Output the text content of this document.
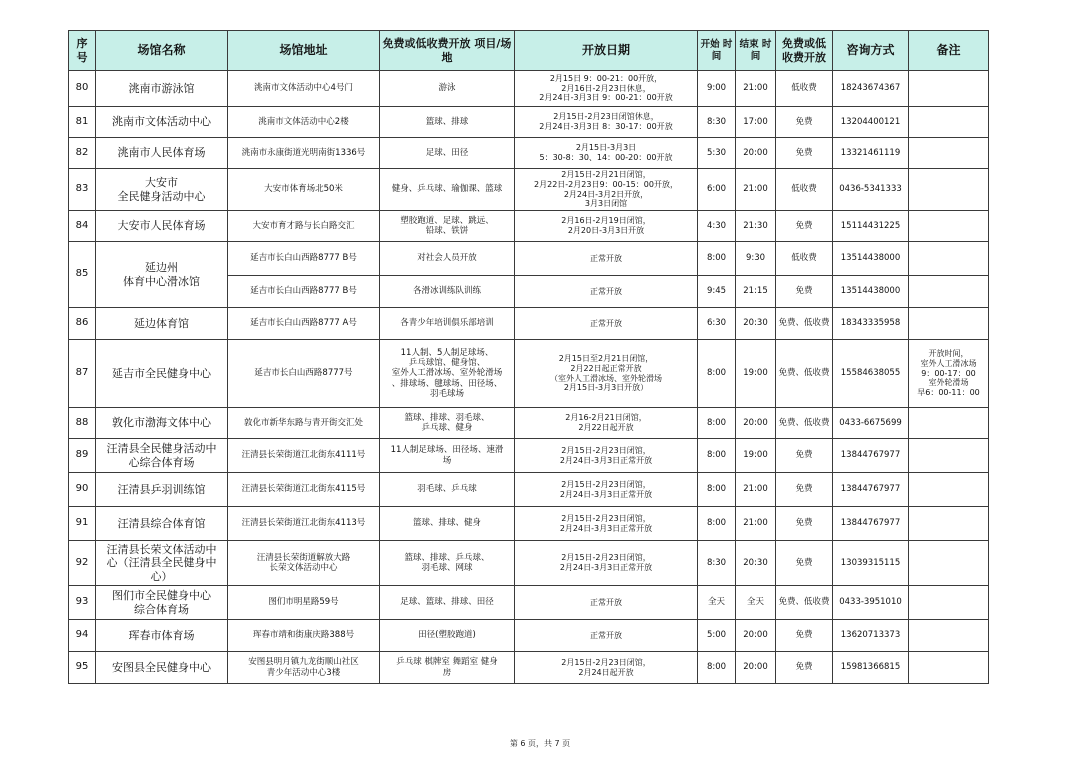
序 号	场馆名称	场馆地址	免费或低收费开放 项目/场地	开放日期	开始 时间	结束 时间	免费或低 收费开放	咨询方式	备注

80	洮南市游泳馆	洮南市文体活动中心4号门	游泳	2月15日 9：00-21：00开放，
2月16日-2月23日休息，
2月24日-3月3日 9：00-21：00开放	9:00	21:00	低收费	18243674367	

81	洮南市文体活动中心	洮南市文体活动中心2楼	篮球、排球	2月15日-2月23日闭馆休息，
2月24日-3月3日 8：30-17：00开放	8:30	17:00	免费	13204400121	

82	洮南市人民体育场	洮南市永康街道光明南街1336号	足球、田径	2月15日-3月3日
5：30-8：30、14：00-20：00开放	5:30	20:00	免费	13321461119	

83	大安市
全民健身活动中心	大安市体育场北50米	健身、乒乓球、瑜伽课、篮球	2月15日-2月21日闭馆，
2月22日-2月23日9：00-15：00开放，
2月24日-3月2日开放，
3月3日闭馆	6:00	21:00	低收费	0436-5341333	

84	大安市人民体育场	大安市育才路与长白路交汇	塑胶跑道、足球、跳远、
铅球、铁饼	2月16日-2月19日闭馆，
2月20日-3月3日开放	4:30	21:30	免费	15114431225	

85	延边州
体育中心滑冰馆	延吉市长白山西路8777 B号	对社会人员开放	正常开放	8:00	9:30	低收费	13514438000	

		延吉市长白山西路8777 B号	各滑冰训练队训练	正常开放	9:45	21:15	免费	13514438000	

86	延边体育馆	延吉市长白山西路8777 A号	各青少年培训俱乐部培训	正常开放	6:30	20:30	免费、低收费	18343335958	

87	延吉市全民健身中心	延吉市长白山西路8777号	11人制、5人制足球场、
乒乓球馆、健身馆、
室外人工滑冰场、室外轮滑场
、排球场、毽球场、田径场、
羽毛球场	2月15日至2月21日闭馆，
2月22日起正常开放
（室外人工滑冰场、室外轮滑场
2月15日-3月3日开放）	8:00	19:00	免费、低收费	15584638055	开放时间，
室外人工滑冰场
9：00-17：00
室外轮滑场
早6：00-11：00

88	敦化市渤海文体中心	敦化市新华东路与青开街交汇处	篮球、排球、羽毛球、
乒乓球、健身	2月16-2月21日闭馆，
2月22日起开放	8:00	20:00	免费、低收费	0433-6675699	

89	汪清县全民健身活动中
心综合体育场	汪清县长荣街道江北街东4111号	11人制足球场、田径场、速滑
场	2月15日-2月23日闭馆，
2月24日-3月3日正常开放	8:00	19:00	免费	13844767977	

90	汪清县乒羽训练馆	汪清县长荣街道江北街东4115号	羽毛球、乒乓球	2月15日-2月23日闭馆，
2月24日-3月3日正常开放	8:00	21:00	免费	13844767977	

91	汪清县综合体育馆	汪清县长荣街道江北街东4113号	篮球、排球、健身	2月15日-2月23日闭馆，
2月24日-3月3日正常开放	8:00	21:00	免费	13844767977	

92	汪清县长荣文体活动中
心（汪清县全民健身中
心）	汪清县长荣街道解放大路
长荣文体活动中心	篮球、排球、乒乓球、
羽毛球、网球	2月15日-2月23日闭馆，
2月24日-3月3日正常开放	8:30	20:30	免费	13039315115	

93	图们市全民健身中心
综合体育场	图们市明星路59号	足球、篮球、排球、田径	正常开放	全天	全天	免费、低收费	0433-3951010	

94	珲春市体育场	珲春市靖和街康庆路388号	田径(塑胶跑道)	正常开放	5:00	20:00	免费	13620713373	

95	安图县全民健身中心	安图县明月镇九龙街顺山社区
青少年活动中心3楼	乒乓球 棋牌室 舞蹈室 健身
房	2月15日-2月23日闭馆，
2月24日起开放	8:00	20:00	免费	15981366815	

第 6 页，共 7 页
